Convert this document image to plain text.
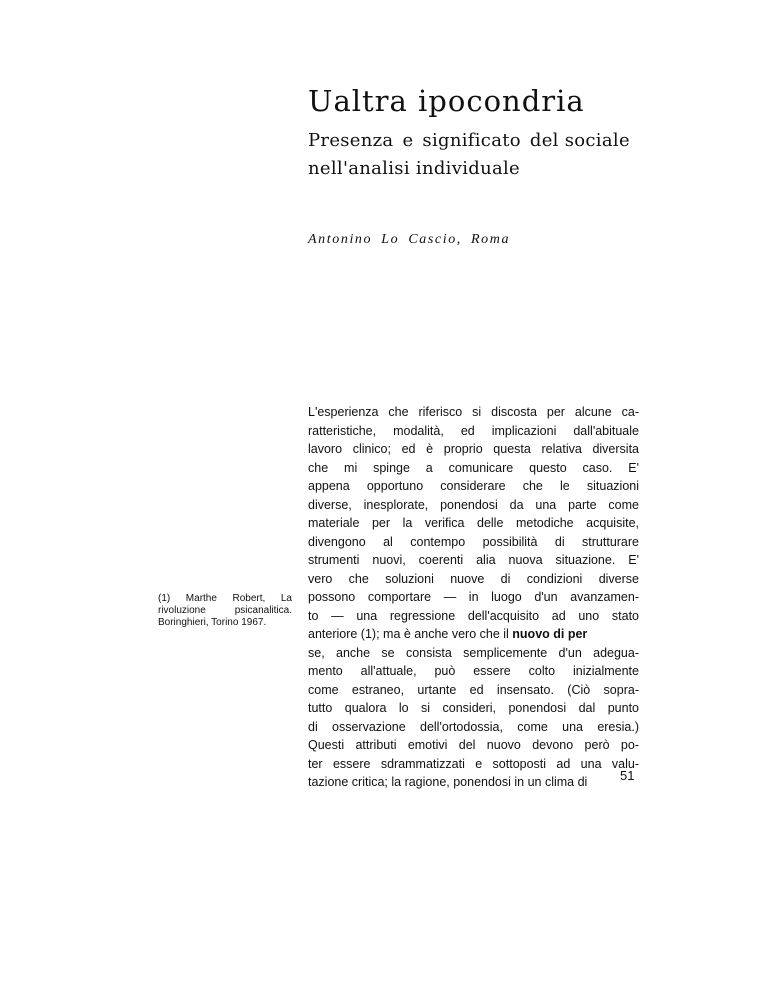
Ualtra ipocondria
Presenza e significato del sociale
nell'analisi individuale
Antonino Lo Cascio, Roma
(1) Marthe Robert, La
rivoluzione psicanalitica.
Boringhieri, Torino 1967.
L'esperienza che riferisco si discosta per alcune ca-
ratteristiche, modalità, ed implicazioni dall'abituale
lavoro clinico; ed è proprio questa relativa diversita
che mi spinge a comunicare questo caso. E'
appena opportuno considerare che le situazioni
diverse, inesplorate, ponendosi da una parte come
materiale per la verifica delle metodiche acquisite,
divengono al contempo possibilità di strutturare
strumenti nuovi, coerenti alia nuova situazione. E'
vero che soluzioni nuove di condizioni diverse
possono comportare — in luogo d'un avanzamen-
to — una regressione dell'acquisito ad uno stato
anteriore (1); ma è anche vero che il nuovo di per
se, anche se consista semplicemente d'un adegua-
mento all'attuale, può essere colto inizialmente
come estraneo, urtante ed insensato. (Ciò sopra-
tutto qualora lo si consideri, ponendosi dal punto
di osservazione dell'ortodossia, come una eresia.)
Questi attributi emotivi del nuovo devono però po-
ter essere sdrammatizzati e sottoposti ad una valu-
tazione critica; la ragione, ponendosi in un clima di	51
